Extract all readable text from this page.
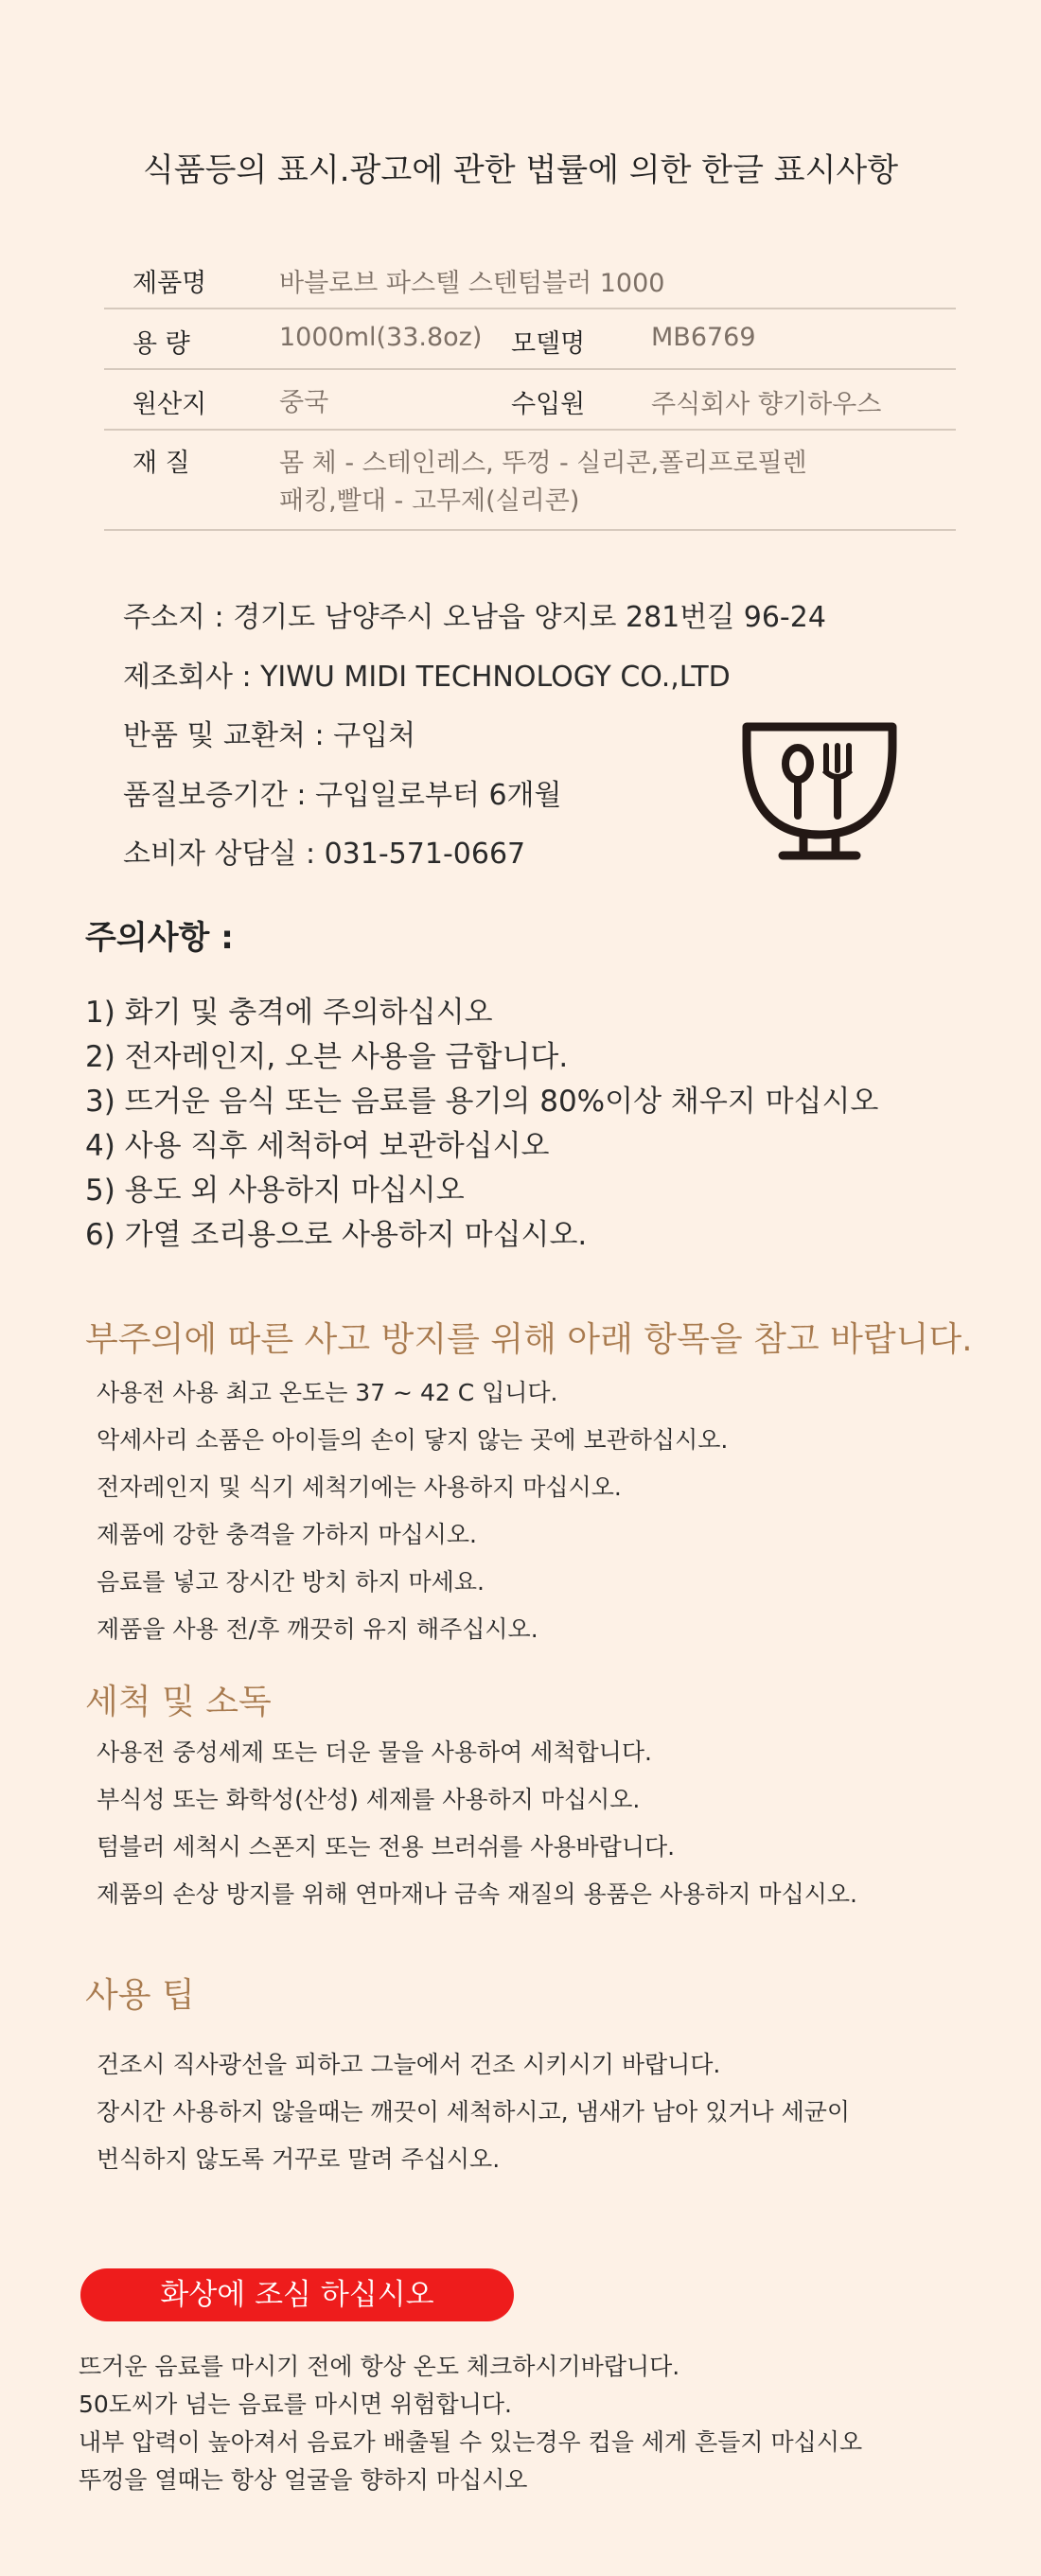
식품등의 표시.광고에 관한 법률에 의한 한글 표시사항
제품명	바블로브 파스텔 스텐텀블러 1000
용 량	1000ml(33.8oz) 모델명	MB6769
원산지	중국	수입원	주식회사 향기하우스
재 질	몸 체 - 스테인레스, 뚜껑 - 실리콘,폴리프로필렌
패킹,빨대 - 고무제(실리콘)
주소지 : 경기도 남양주시 오남읍 양지로 281번길 96-24
제조회사 : YIWU MIDI TECHNOLOGY CO.,LTD
반품 및 교환처 : 구입처
품질보증기간 : 구입일로부터 6개월
소비자 상담실 : 031-571-0667
주의사항 :
1) 화기 및 충격에 주의하십시오
2) 전자레인지, 오븐 사용을 금합니다.
3) 뜨거운 음식 또는 음료를 용기의 80%이상 채우지 마십시오
4) 사용 직후 세척하여 보관하십시오
5) 용도 외 사용하지 마십시오
6) 가열 조리용으로 사용하지 마십시오.
부주의에 따른 사고 방지를 위해 아래 항목을 참고 바랍니다.
사용전 사용 최고 온도는 37 ~ 42 C 입니다.
악세사리 소품은 아이들의 손이 닿지 않는 곳에 보관하십시오.
전자레인지 및 식기 세척기에는 사용하지 마십시오.
제품에 강한 충격을 가하지 마십시오.
음료를 넣고 장시간 방치 하지 마세요.
제품을 사용 전/후 깨끗히 유지 해주십시오.
세척 및 소독
사용전 중성세제 또는 더운 물을 사용하여 세척합니다.
부식성 또는 화학성(산성) 세제를 사용하지 마십시오.
텀블러 세척시 스폰지 또는 전용 브러쉬를 사용바랍니다.
제품의 손상 방지를 위해 연마재나 금속 재질의 용품은 사용하지 마십시오.
사용 팁
건조시 직사광선을 피하고 그늘에서 건조 시키시기 바랍니다.
장시간 사용하지 않을때는 깨끗이 세척하시고, 냄새가 남아 있거나 세균이
번식하지 않도록 거꾸로 말려 주십시오.
화상에 조심 하십시오
뜨거운 음료를 마시기 전에 항상 온도 체크하시기바랍니다.
50도씨가 넘는 음료를 마시면 위험합니다.
내부 압력이 높아져서 음료가 배출될 수 있는경우 컵을 세게 흔들지 마십시오
뚜껑을 열때는 항상 얼굴을 향하지 마십시오
